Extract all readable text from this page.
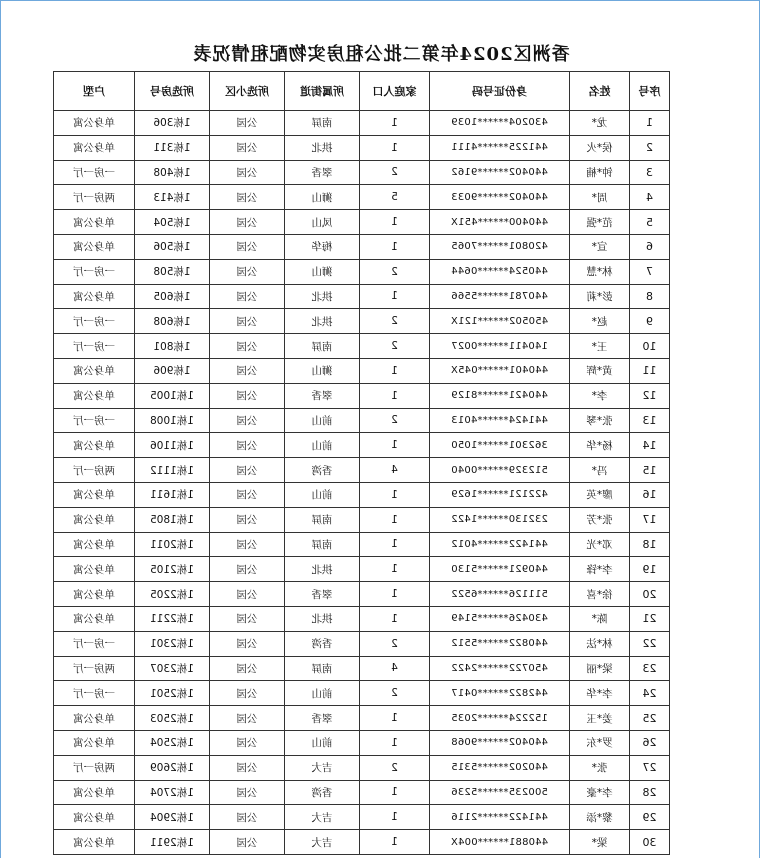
香洲区2024年第二批公租房实物配租情况表
序号	姓名	身份证号码	家庭人口	所属街道	所选小区	所选房号	户型
1	龙*	430204******1039	1	南屏	公园	1栋306	单身公寓
2	侯*火	441225******4111	1	拱北	公园	1栋311	单身公寓
3	钟*楠	440402******9162	2	翠香	公园	1栋408	一房一厅
4	周*	440402******9033	5	狮山	公园	1栋413	两房一厅
5	范*强	440400******451X	1	凤山	公园	1栋504	单身公寓
6	宣*	420801******7065	1	梅华	公园	1栋506	单身公寓
7	林*慧	440524******0644	2	狮山	公园	1栋508	一房一厅
8	彭*莉	440781******5566	1	拱北	公园	1栋605	单身公寓
9	赵*	450502******121X	2	拱北	公园	1栋608	一房一厅
10	王*	140411******0027	2	南屏	公园	1栋801	一房一厅
11	黄*辉	440401******045X	1	狮山	公园	1栋906	单身公寓
12	李*	440421******8129	1	翠香	公园	1栋1005	单身公寓
13	张*琴	441424******4013	2	前山	公园	1栋1008	一房一厅
14	杨*华	362301******1050	1	前山	公园	1栋1106	单身公寓
15	冯*	512329******0040	4	香湾	公园	1栋1112	两房一厅
16	廖*英	422121******1629	1	前山	公园	1栋1611	单身公寓
17	张*芳	232130******1422	1	南屏	公园	1栋1805	单身公寓
18	邓*光	441422******4012	1	南屏	公园	1栋2011	单身公寓
19	李*锋	440921******5130	1	拱北	公园	1栋2105	单身公寓
20	徐*喜	511126******6522	1	翠香	公园	1栋2205	单身公寓
21	陈*	430426******5149	1	拱北	公园	1栋2211	单身公寓
22	林*法	440822******5512	2	香湾	公园	1栋2301	一房一厅
23	梁*丽	450722******2422	4	南屏	公园	1栋2307	两房一厅
24	李*华	442822******0417	2	前山	公园	1栋2501	一房一厅
25	姜*玉	152224******2035	1	翠香	公园	1栋2503	单身公寓
26	罗*东	440402******9068	1	前山	公园	1栋2504	单身公寓
27	张*	440202******5315	2	吉大	公园	1栋2609	两房一厅
28	李*豪	500235******5236	1	香湾	公园	1栋2704	单身公寓
29	黎*添	441422******2116	1	吉大	公园	1栋2904	单身公寓
30	梁*	440881******004X	1	吉大	公园	1栋2911	单身公寓
